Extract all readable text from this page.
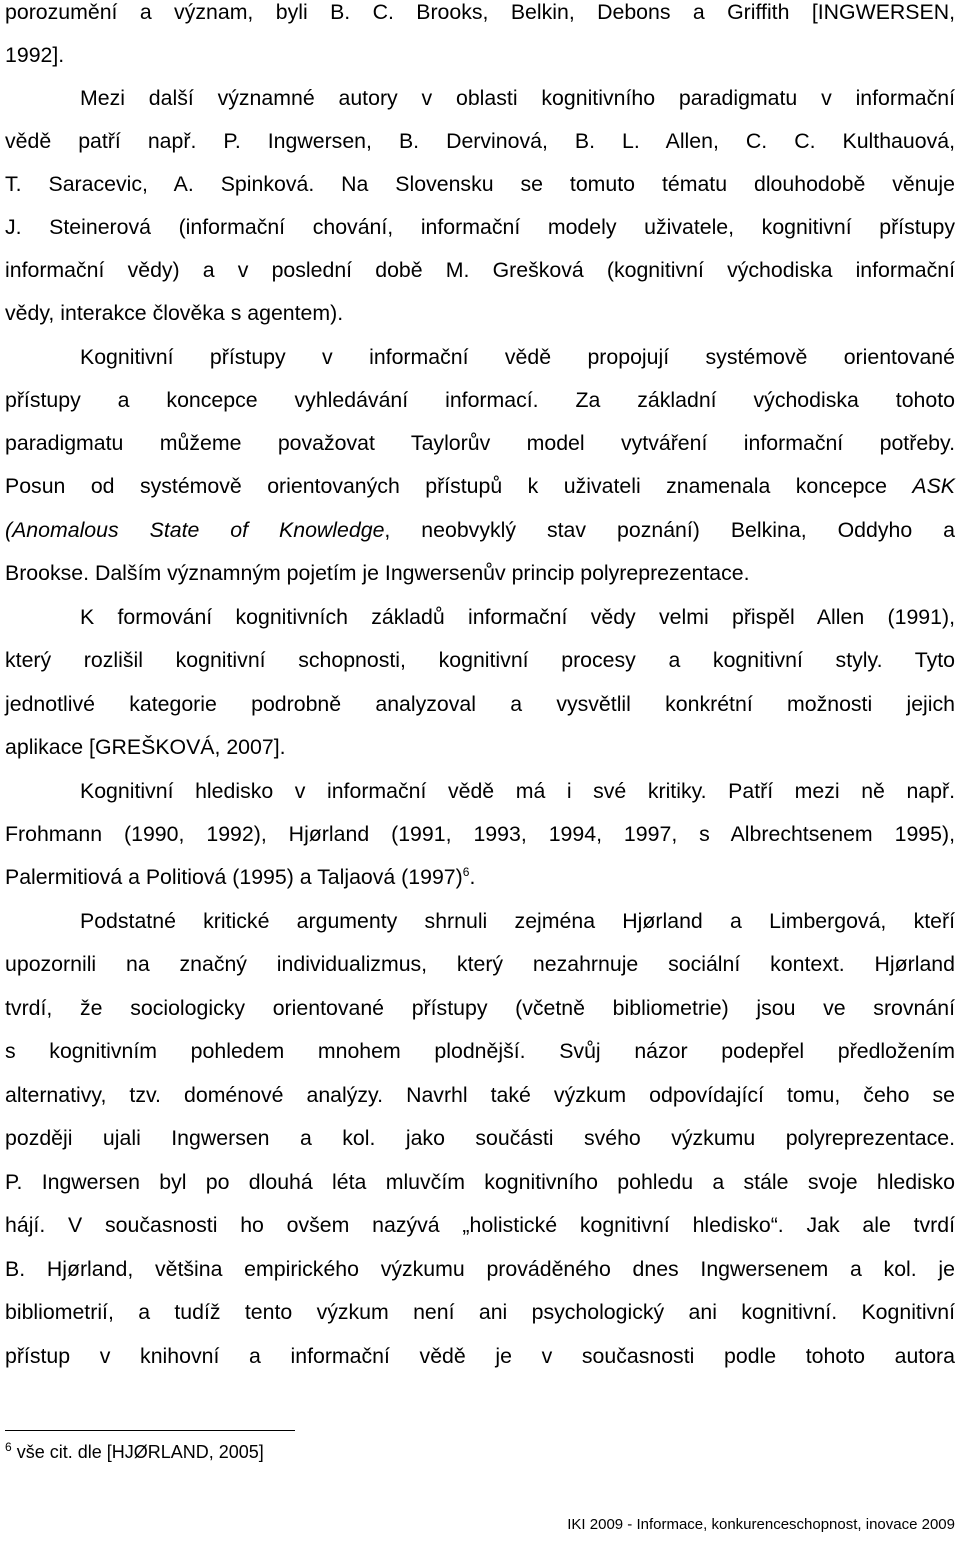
porozumění a význam, byli B. C. Brooks, Belkin, Debons a Griffith [INGWERSEN,

1992].

Mezi další významné autory v oblasti kognitivního paradigmatu v informační

vědě patří např. P. Ingwersen, B. Dervinová, B. L. Allen, C. C. Kulthauová,

T. Saracevic, A. Spinková. Na Slovensku se tomuto tématu dlouhodobě věnuje

J. Steinerová (informační chování, informační modely uživatele, kognitivní přístupy

informační vědy) a v poslední době M. Grešková (kognitivní východiska informační

vědy, interakce člověka s agentem).

Kognitivní přístupy v informační vědě propojují systémově orientované

přístupy a koncepce vyhledávání informací. Za základní východiska tohoto

paradigmatu můžeme považovat Taylorův model vytváření informační potřeby.

Posun od systémově orientovaných přístupů k uživateli znamenala koncepce ASK

(Anomalous State of Knowledge, neobvyklý stav poznání) Belkina, Oddyho a

Brookse. Dalším významným pojetím je Ingwersenův princip polyreprezentace.

K formování kognitivních základů informační vědy velmi přispěl Allen (1991),

který rozlišil kognitivní schopnosti, kognitivní procesy a kognitivní styly. Tyto

jednotlivé kategorie podrobně analyzoval a vysvětlil konkrétní možnosti jejich

aplikace [GREŠKOVÁ, 2007].

Kognitivní hledisko v informační vědě má i své kritiky. Patří mezi ně např.

Frohmann (1990, 1992), Hjørland (1991, 1993, 1994, 1997, s Albrechtsenem 1995),

Palermitiová a Politiová (1995) a Taljaová $(1997)^6$.

Podstatné kritické argumenty shrnuli zejména Hjørland a Limbergová, kteří

upozornili na značný individualizmus, který nezahrnuje sociální kontext. Hjørland

tvrdí, že sociologicky orientované přístupy (včetně bibliometrie) jsou ve srovnání

s kognitivním pohledem mnohem plodnější. Svůj názor podepřel předložením

alternativy, tzv. doménové analýzy. Navrhl také výzkum odpovídající tomu, čeho se

později ujali Ingwersen a kol. jako součásti svého výzkumu polyreprezentace.

P. Ingwersen byl po dlouhá léta mluvčím kognitivního pohledu a stále svoje hledisko

hájí. V současnosti ho ovšem nazývá „holistické kognitivní hledisko“. Jak ale tvrdí

B. Hjørland, většina empirického výzkumu prováděného dnes Ingwersenem a kol. je

bibliometrií, a tudíž tento výzkum není ani psychologický ani kognitivní. Kognitivní

přístup v knihovní a informační vědě je v současnosti podle tohoto autora

$^6$ vše cit. dle [HJØRLAND, 2005]
IKI 2009 - Informace, konkurenceschopnost, inovace 2009
